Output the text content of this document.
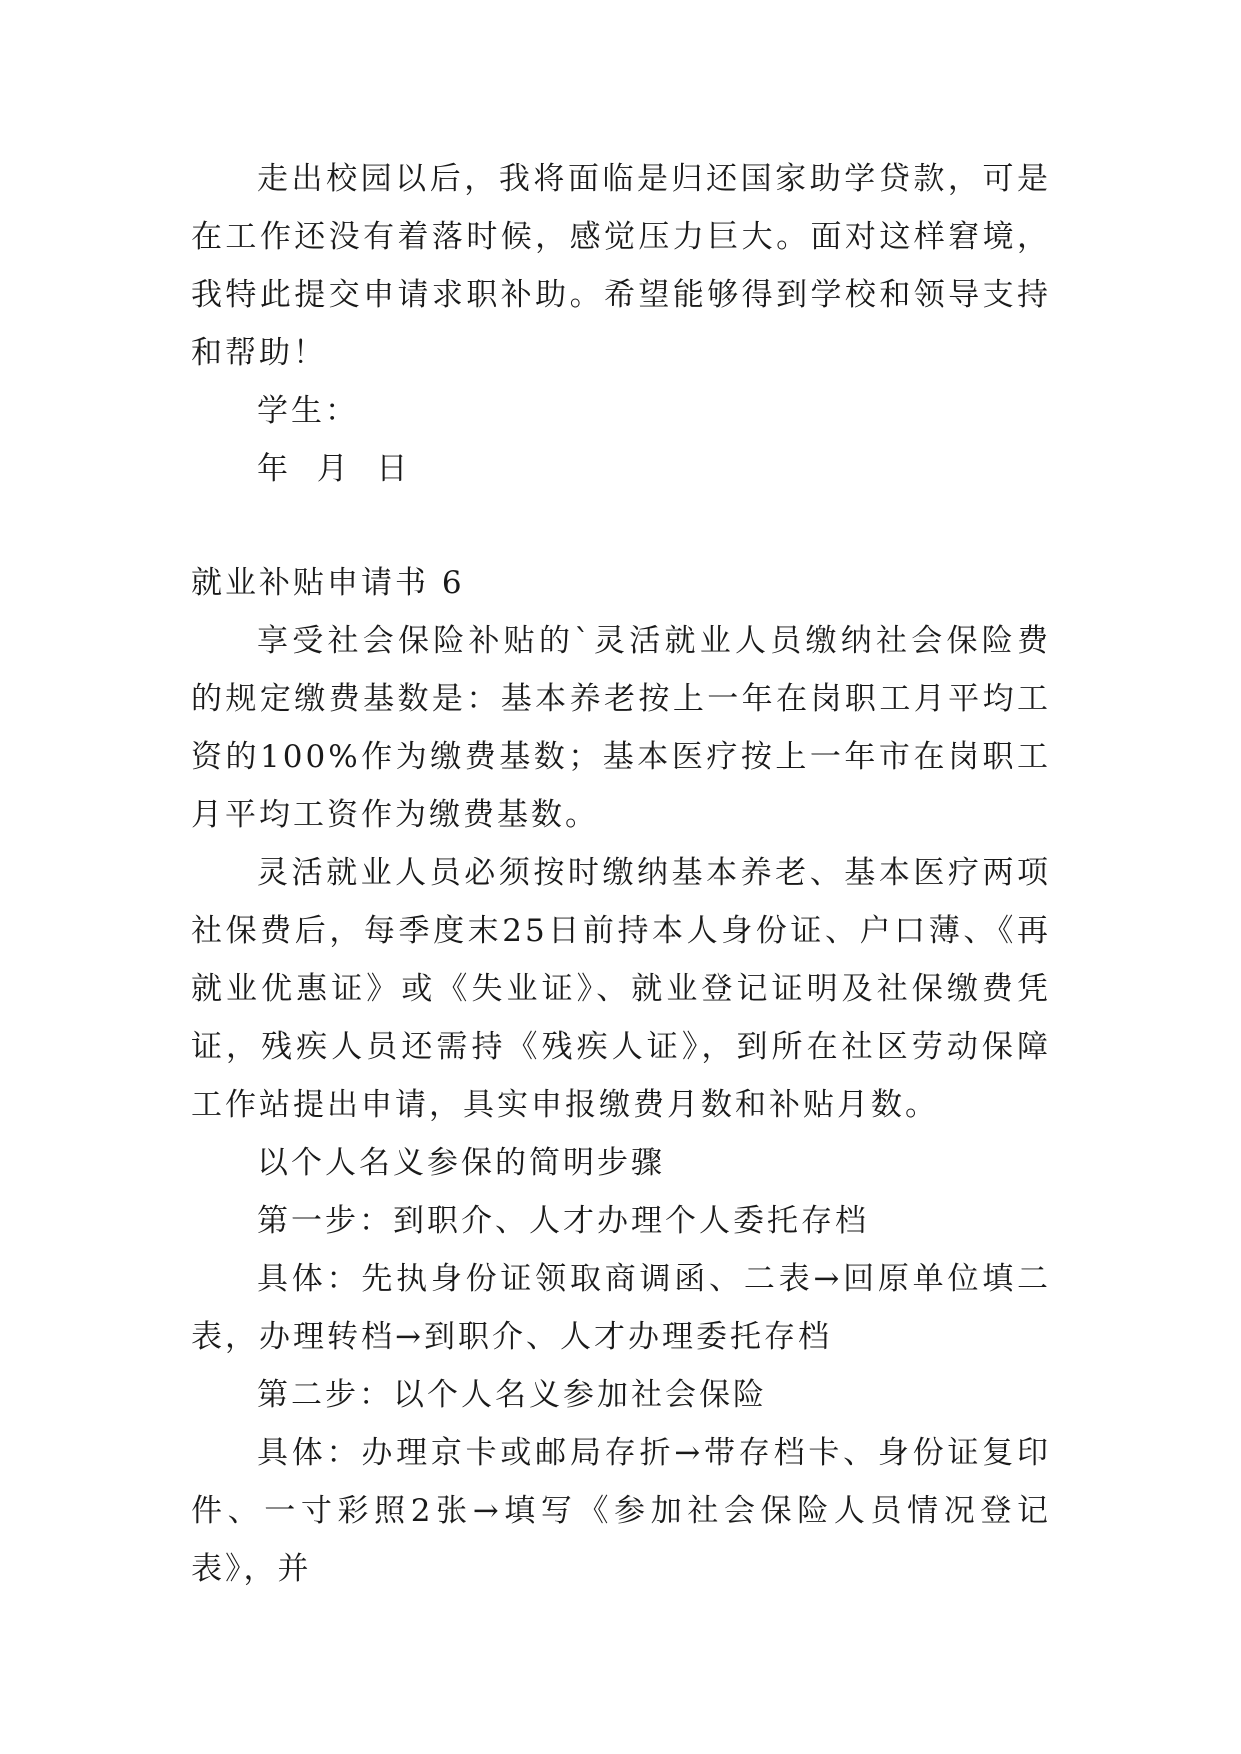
走出校园以后，我将面临是归还国家助学贷款，可是在工作还没有着落时候，感觉压力巨大。面对这样窘境，我特此提交申请求职补助。希望能够得到学校和领导支持和帮助！

学生：

年  月  日

就业补贴申请书 6

享受社会保险补贴的`灵活就业人员缴纳社会保险费的规定缴费基数是：基本养老按上一年在岗职工月平均工资的100%作为缴费基数；基本医疗按上一年市在岗职工月平均工资作为缴费基数。

灵活就业人员必须按时缴纳基本养老、基本医疗两项社保费后，每季度末25日前持本人身份证、户口薄、《再就业优惠证》或《失业证》、就业登记证明及社保缴费凭证，残疾人员还需持《残疾人证》，到所在社区劳动保障工作站提出申请，具实申报缴费月数和补贴月数。

以个人名义参保的简明步骤

第一步：到职介、人才办理个人委托存档

具体：先执身份证领取商调函、二表→回原单位填二表，办理转档→到职介、人才办理委托存档

第二步：以个人名义参加社会保险

具体：办理京卡或邮局存折→带存档卡、身份证复印件、一寸彩照2张→填写《参加社会保险人员情况登记表》，并
